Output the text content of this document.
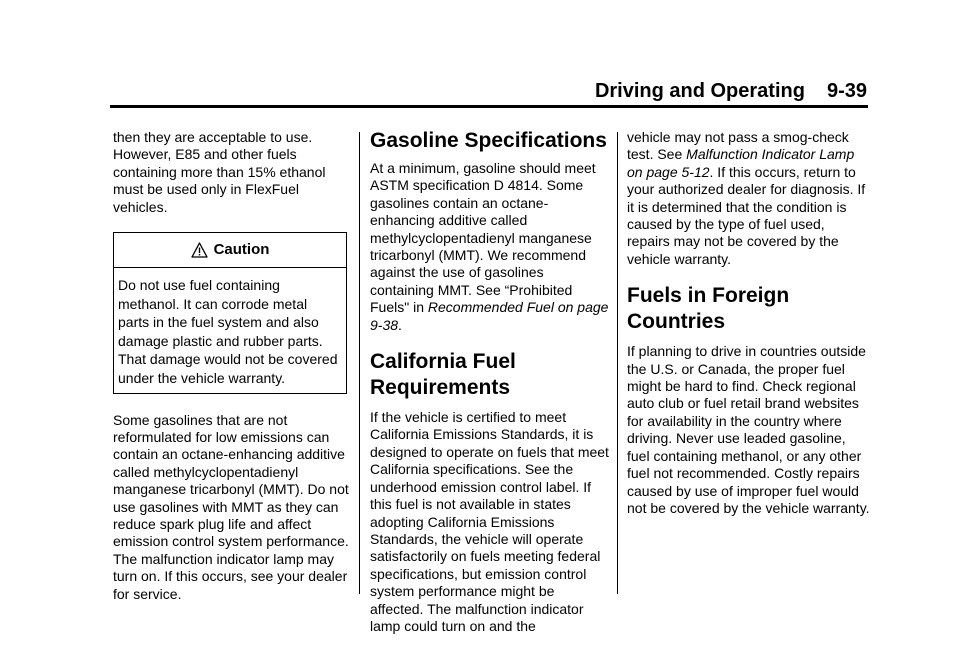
Driving and Operating 9-39

then they are acceptable to use. However, E85 and other fuels containing more than 15% ethanol must be used only in FlexFuel vehicles.

Caution
Do not use fuel containing methanol. It can corrode metal parts in the fuel system and also damage plastic and rubber parts. That damage would not be covered under the vehicle warranty.

Some gasolines that are not reformulated for low emissions can contain an octane-enhancing additive called methylcyclopentadienyl manganese tricarbonyl (MMT). Do not use gasolines with MMT as they can reduce spark plug life and affect emission control system performance. The malfunction indicator lamp may turn on. If this occurs, see your dealer for service.

Gasoline Specifications

At a minimum, gasoline should meet ASTM specification D 4814. Some gasolines contain an octane-enhancing additive called methylcyclopentadienyl manganese tricarbonyl (MMT). We recommend against the use of gasolines containing MMT. See “Prohibited Fuels" in Recommended Fuel on page 9-38.

California Fuel Requirements

If the vehicle is certified to meet California Emissions Standards, it is designed to operate on fuels that meet California specifications. See the underhood emission control label. If this fuel is not available in states adopting California Emissions Standards, the vehicle will operate satisfactorily on fuels meeting federal specifications, but emission control system performance might be affected. The malfunction indicator lamp could turn on and the

vehicle may not pass a smog-check test. See Malfunction Indicator Lamp on page 5-12. If this occurs, return to your authorized dealer for diagnosis. If it is determined that the condition is caused by the type of fuel used, repairs may not be covered by the vehicle warranty.

Fuels in Foreign Countries

If planning to drive in countries outside the U.S. or Canada, the proper fuel might be hard to find. Check regional auto club or fuel retail brand websites for availability in the country where driving. Never use leaded gasoline, fuel containing methanol, or any other fuel not recommended. Costly repairs caused by use of improper fuel would not be covered by the vehicle warranty.
